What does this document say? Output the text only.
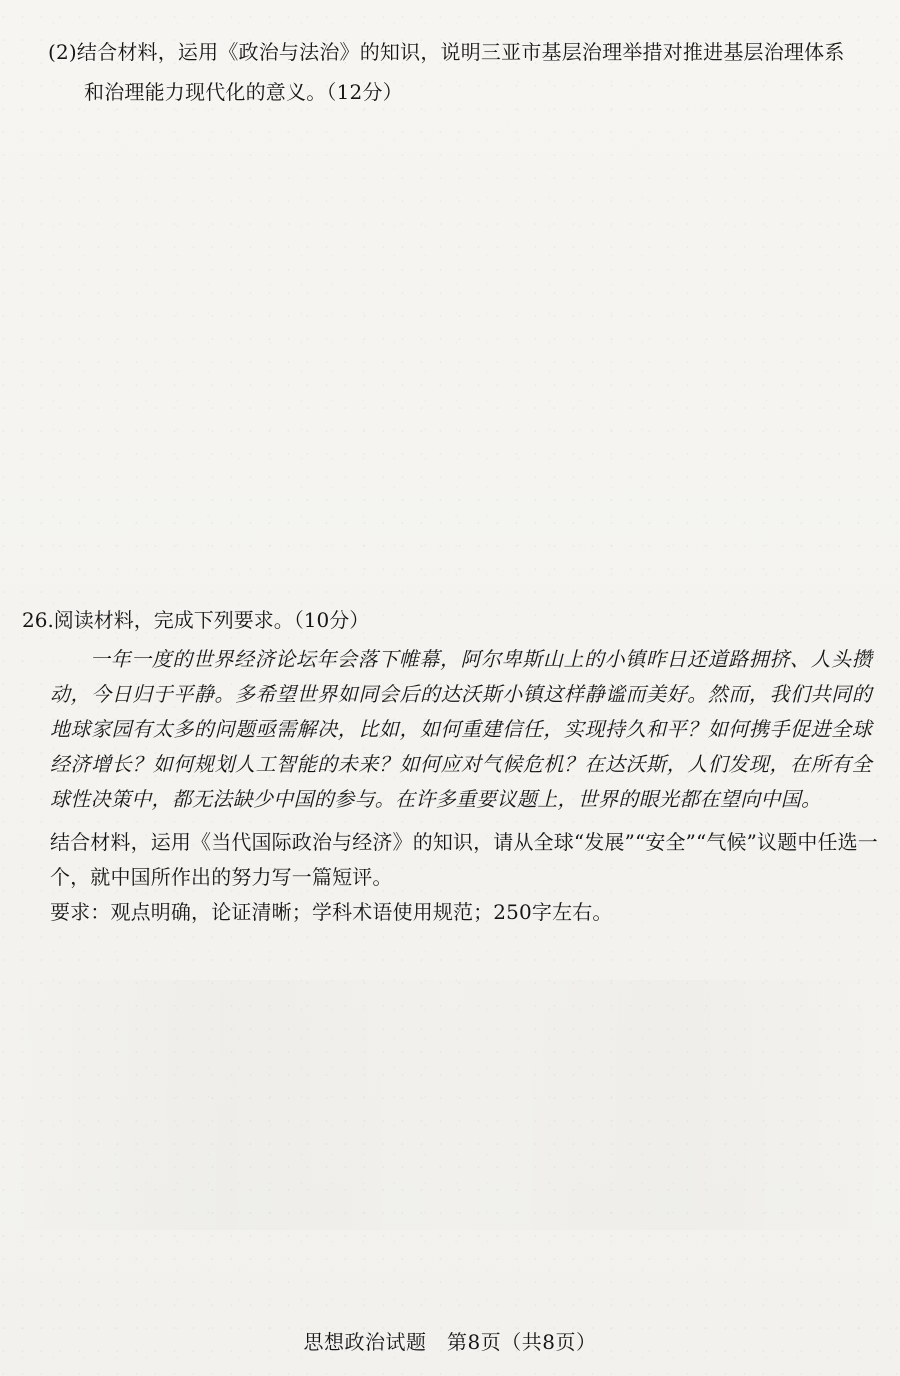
(2)结合材料，运用《政治与法治》的知识，说明三亚市基层治理举措对推进基层治理体系
和治理能力现代化的意义。（12分）
26.阅读材料，完成下列要求。（10分）
一年一度的世界经济论坛年会落下帷幕，阿尔卑斯山上的小镇昨日还道路拥挤、人头攒动，今日归于平静。多希望世界如同会后的达沃斯小镇这样静谧而美好。然而，我们共同的地球家园有太多的问题亟需解决，比如，如何重建信任，实现持久和平？如何携手促进全球经济增长？如何规划人工智能的未来？如何应对气候危机？在达沃斯，人们发现，在所有全球性决策中，都无法缺少中国的参与。在许多重要议题上，世界的眼光都在望向中国。
结合材料，运用《当代国际政治与经济》的知识，请从全球“发展”“安全”“气候”议题中任选一个，就中国所作出的努力写一篇短评。
要求：观点明确，论证清晰；学科术语使用规范；250字左右。
思想政治试题　第8页（共8页）
